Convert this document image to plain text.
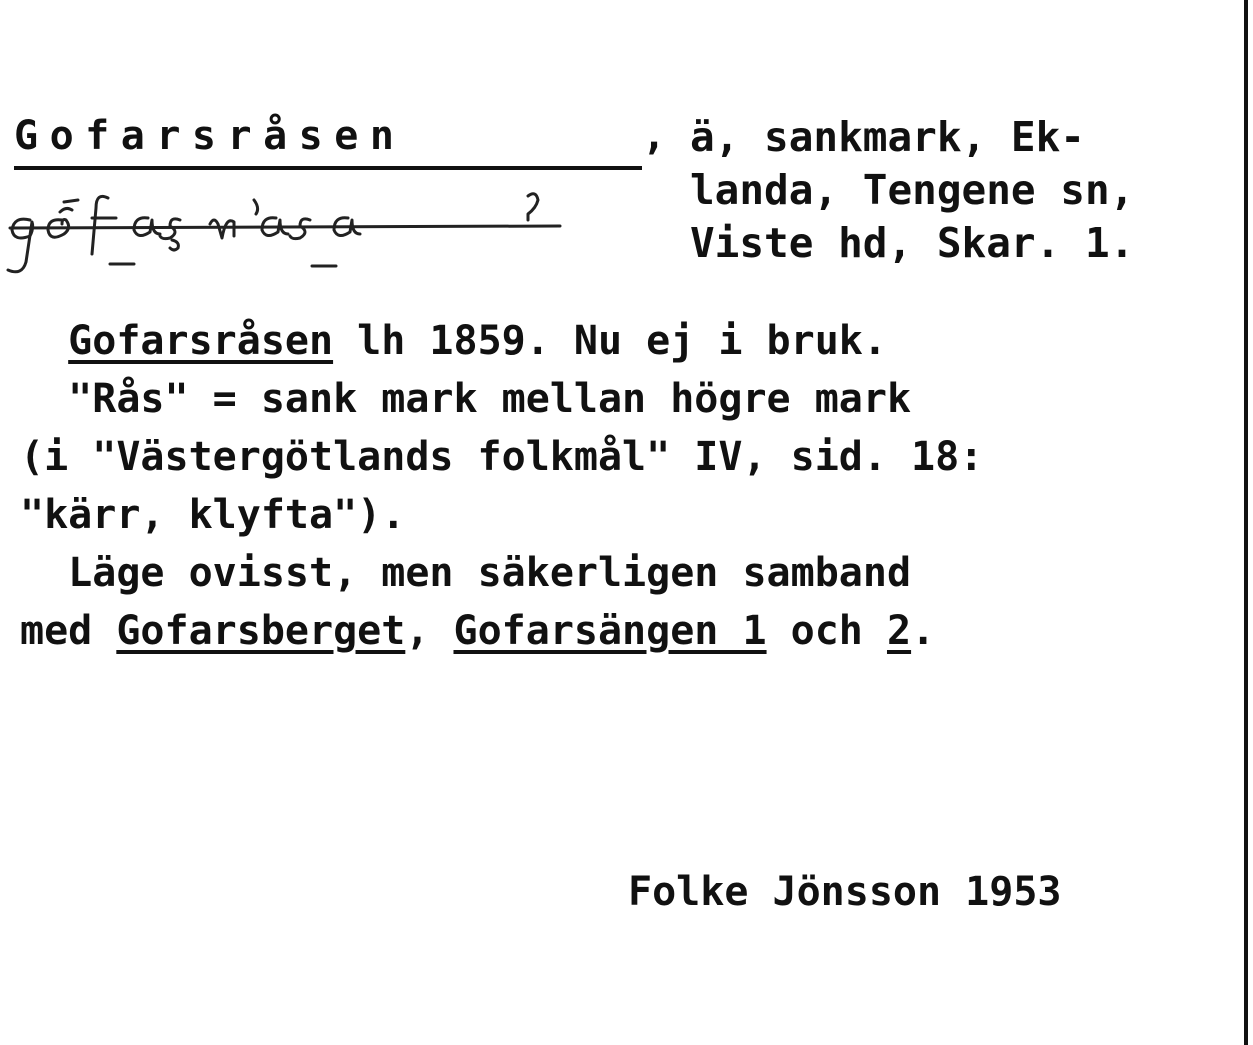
Gofarsråsen	, ä, sankmark, Ek-
landa, Tengene sn,
Viste hd, Skar. 1.
Gofarsråsen lh 1859. Nu ej i bruk.
"Rås" = sank mark mellan högre mark
(i "Västergötlands folkmål" IV, sid. 18:
"kärr, klyfta").
Läge ovisst, men säkerligen samband
med Gofarsberget, Gofarsängen 1 och 2.
Folke Jönsson 1953
